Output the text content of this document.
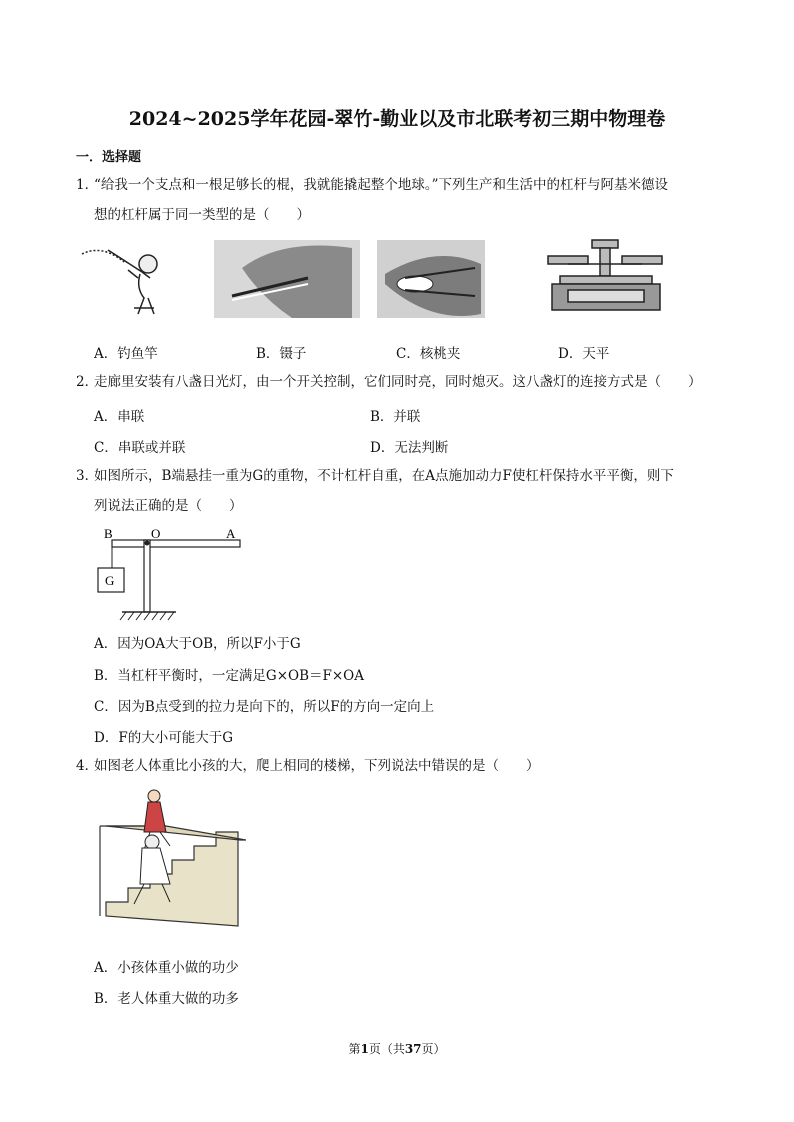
2024~2025学年花园-翠竹-勤业以及市北联考初三期中物理卷
一．选择题
1．
“给我一个支点和一根足够长的棍，我就能撬起整个地球。”下列生产和生活中的杠杆与阿基米德设
想的杠杆属于同一类型的是（　　）
A．钓鱼竿	B．镊子	C．核桃夹	D．天平
2．
走廊里安装有八盏日光灯，由一个开关控制，它们同时亮，同时熄灭。这八盏灯的连接方式是（　　）
A．串联	B．并联
C．串联或并联	D．无法判断
3．
如图所示，B端悬挂一重为G的重物，不计杠杆自重，在A点施加动力F使杠杆保持水平平衡，则下
列说法正确的是（　　）
B	O	A
G
A．因为OA大于OB，所以F小于G
B．当杠杆平衡时，一定满足G×OB＝F×OA
C．因为B点受到的拉力是向下的，所以F的方向一定向上
D．F的大小可能大于G
4．
如图老人体重比小孩的大，爬上相同的楼梯，下列说法中错误的是（　　）
A．小孩体重小做的功少
B．老人体重大做的功多
第1页（共37页）
